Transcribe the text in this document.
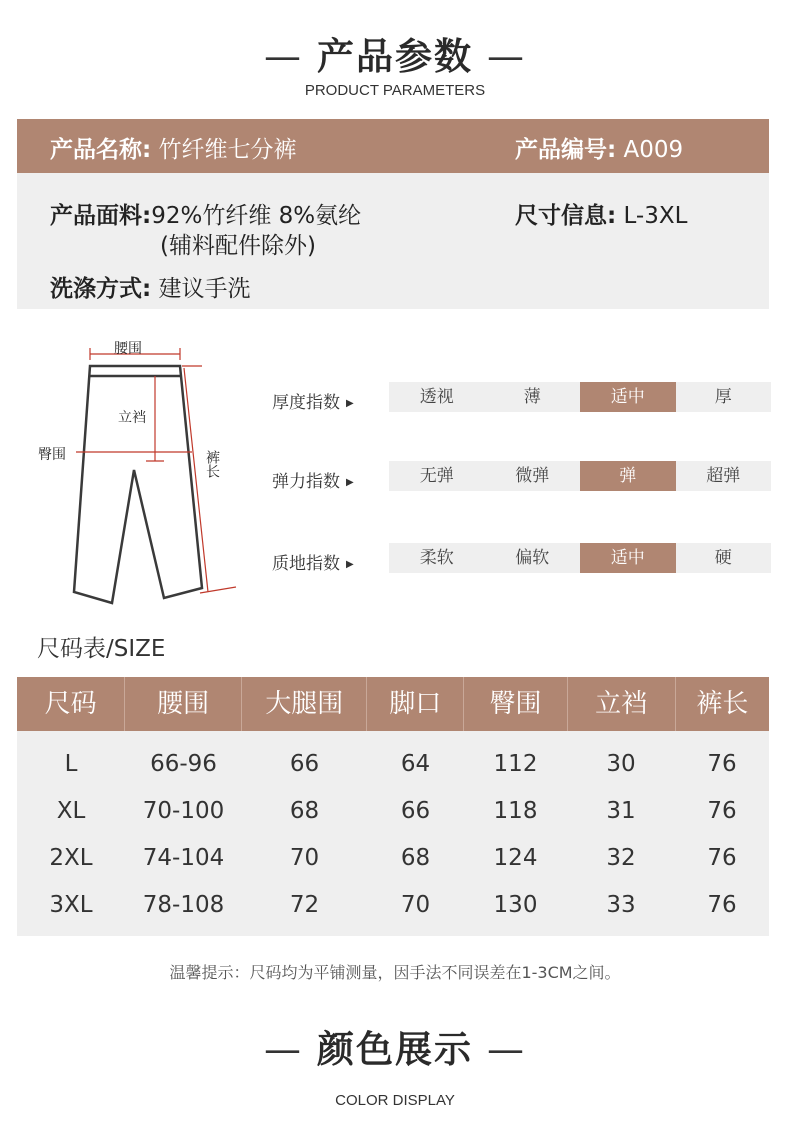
— 产品参数 —
PRODUCT PARAMETERS
产品名称: 竹纤维七分裤	产品编号: A009
产品面料:92%竹纤维 8%氨纶
(辅料配件除外)
尺寸信息: L-3XL
洗涤方式: 建议手洗
腰围
立裆
臀围	裤长
厚度指数 ▶	透视	薄	适中	厚
弹力指数 ▶	无弹	微弹	弹	超弹
质地指数 ▶	柔软	偏软	适中	硬
尺码表/SIZE
尺码	腰围	大腿围	脚口	臀围	立裆	裤长
L	66-96	66	64	112	30	76
XL	70-100	68	66	118	31	76
2XL	74-104	70	68	124	32	76
3XL	78-108	72	70	130	33	76
温馨提示：尺码均为平铺测量，因手法不同误差在1-3CM之间。
— 颜色展示 —
COLOR DISPLAY
